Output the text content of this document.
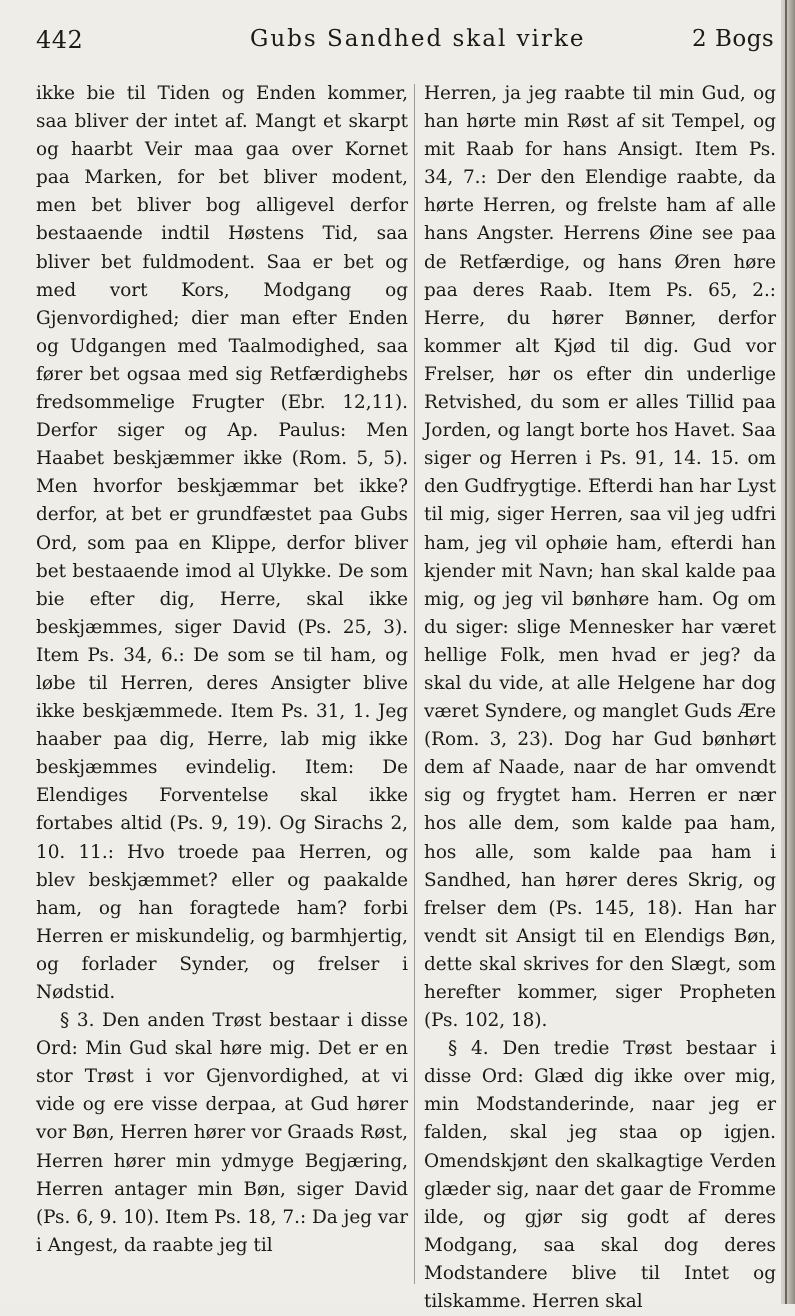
442	Gubs Sandhed skal virke	2 Bogs

ikke bie til Tiden og Enden kommer, saa bliver der intet af. Mangt et skarpt og haarbt Veir maa gaa over Kornet paa Marken, for bet bliver modent, men bet bliver bog alligevel derfor bestaaende indtil Høstens Tid, saa bliver bet fuldmodent. Saa er bet og med vort Kors, Modgang og Gjenvordighed; dier man efter Enden og Udgangen med Taalmodighed, saa fører bet ogsaa med sig Retfærdighebs fredsommelige Frugter (Ebr. 12,11). Derfor siger og Ap. Paulus: Men Haabet beskjæmmer ikke (Rom. 5, 5). Men hvorfor beskjæmmar bet ikke? derfor, at bet er grundfæstet paa Gubs Ord, som paa en Klippe, derfor bliver bet bestaaende imod al Ulykke. De som bie efter dig, Herre, skal ikke beskjæmmes, siger David (Ps. 25, 3). Item Ps. 34, 6.: De som se til ham, og løbe til Herren, deres Ansigter blive ikke beskjæmmede. Item Ps. 31, 1. Jeg haaber paa dig, Herre, lab mig ikke beskjæmmes evindelig. Item: De Elendiges Forventelse skal ikke fortabes altid (Ps. 9, 19). Og Sirachs 2, 10. 11.: Hvo troede paa Herren, og blev beskjæmmet? eller og paakalde ham, og han foragtede ham? forbi Herren er miskundelig, og barmhjertig, og forlader Synder, og frelser i Nødstid.

§ 3. Den anden Trøst bestaar i disse Ord: Min Gud skal høre mig. Det er en stor Trøst i vor Gjenvordighed, at vi vide og ere visse derpaa, at Gud hører vor Bøn, Herren hører vor Graads Røst, Herren hører min ydmyge Begjæring, Herren antager min Bøn, siger David (Ps. 6, 9. 10). Item Ps. 18, 7.: Da jeg var i Angest, da raabte jeg til

Herren, ja jeg raabte til min Gud, og han hørte min Røst af sit Tempel, og mit Raab for hans Ansigt. Item Ps. 34, 7.: Der den Elendige raabte, da hørte Herren, og frelste ham af alle hans Angster. Herrens Øine see paa de Retfærdige, og hans Øren høre paa deres Raab. Item Ps. 65, 2.: Herre, du hører Bønner, derfor kommer alt Kjød til dig. Gud vor Frelser, hør os efter din underlige Retvished, du som er alles Tillid paa Jorden, og langt borte hos Havet. Saa siger og Herren i Ps. 91, 14. 15. om den Gudfrygtige. Efterdi han har Lyst til mig, siger Herren, saa vil jeg udfri ham, jeg vil ophøie ham, efterdi han kjender mit Navn; han skal kalde paa mig, og jeg vil bønhøre ham. Og om du siger: slige Mennesker har været hellige Folk, men hvad er jeg? da skal du vide, at alle Helgene har dog været Syndere, og manglet Guds Ære (Rom. 3, 23). Dog har Gud bønhørt dem af Naade, naar de har omvendt sig og frygtet ham. Herren er nær hos alle dem, som kalde paa ham, hos alle, som kalde paa ham i Sandhed, han hører deres Skrig, og frelser dem (Ps. 145, 18). Han har vendt sit Ansigt til en Elendigs Bøn, dette skal skrives for den Slægt, som herefter kommer, siger Propheten (Ps. 102, 18).

§ 4. Den tredie Trøst bestaar i disse Ord: Glæd dig ikke over mig, min Modstanderinde, naar jeg er falden, skal jeg staa op igjen. Omendskjønt den skalkagtige Verden glæder sig, naar det gaar de Fromme ilde, og gjør sig godt af deres Modgang, saa skal dog deres Modstandere blive til Intet og tilskamme. Herren skal
